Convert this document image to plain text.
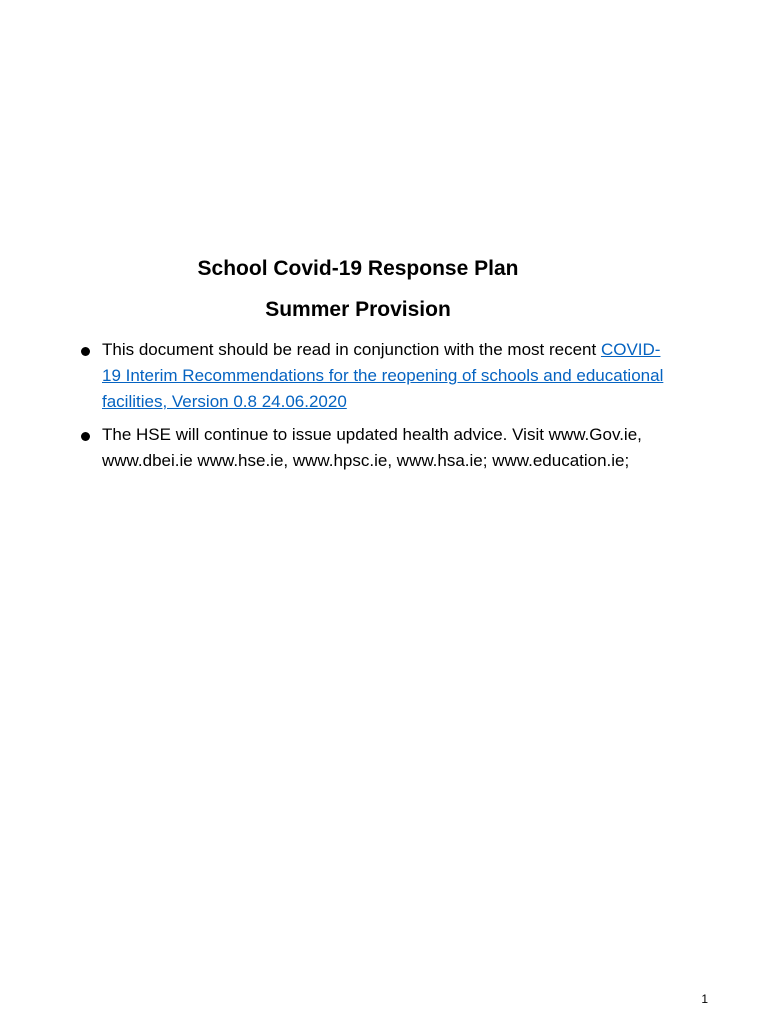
School Covid-19 Response Plan
Summer Provision
This document should be read in conjunction with the most recent COVID-19 Interim Recommendations for the reopening of schools and educational facilities, Version 0.8 24.06.2020
The HSE will continue to issue updated health advice. Visit www.Gov.ie, www.dbei.ie www.hse.ie, www.hpsc.ie, www.hsa.ie; www.education.ie;
1
